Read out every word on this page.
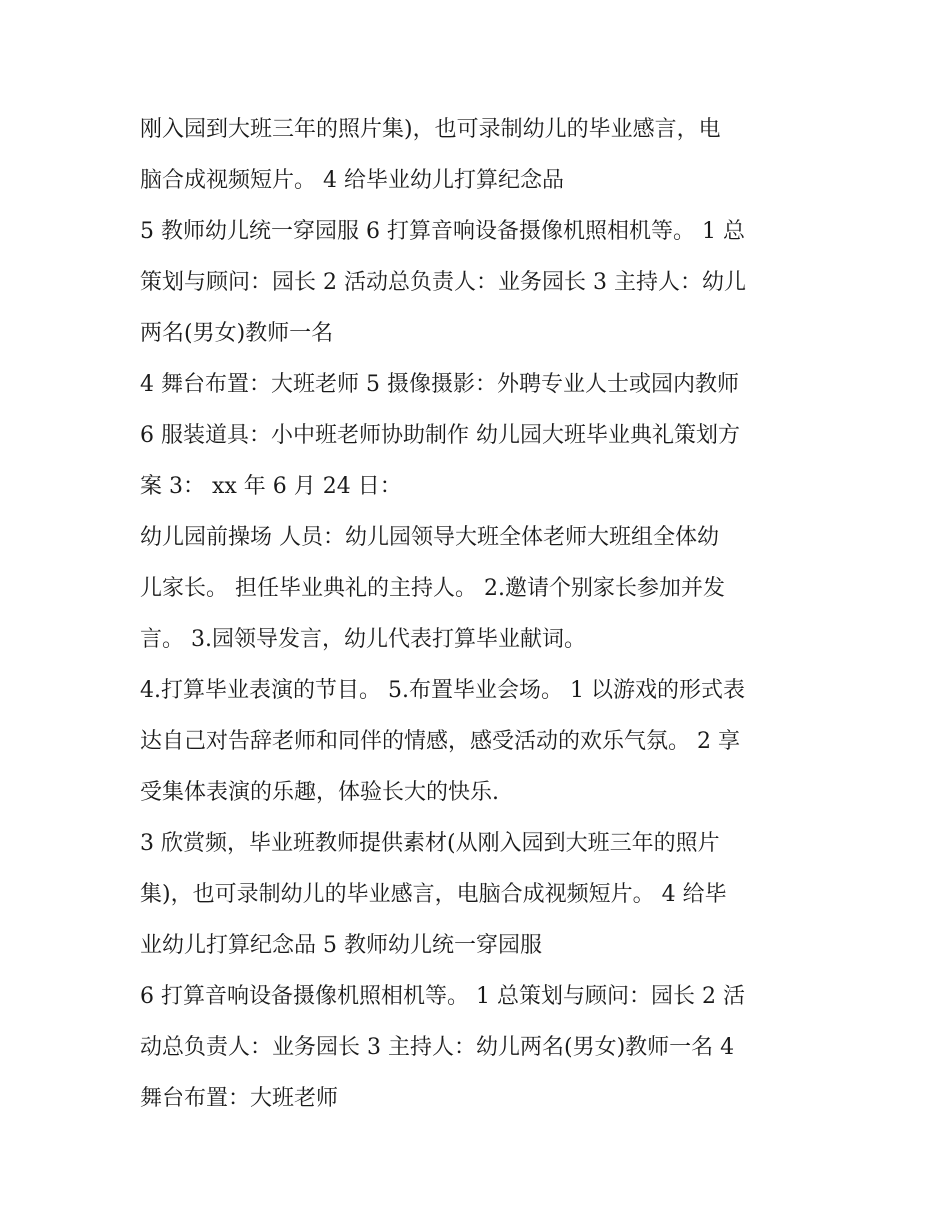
刚入园到大班三年的照片集)，也可录制幼儿的毕业感言，电
脑合成视频短片。 4 给毕业幼儿打算纪念品
5 教师幼儿统一穿园服 6 打算音响设备摄像机照相机等。 1 总
策划与顾问：园长 2 活动总负责人：业务园长 3 主持人：幼儿
两名(男女)教师一名
4 舞台布置：大班老师 5 摄像摄影：外聘专业人士或园内教师
6 服装道具：小中班老师协助制作 幼儿园大班毕业典礼策划方
案 3： xx 年 6 月 24 日：
幼儿园前操场 人员：幼儿园领导大班全体老师大班组全体幼
儿家长。 担任毕业典礼的主持人。 2.邀请个别家长参加并发
言。 3.园领导发言，幼儿代表打算毕业献词。
4.打算毕业表演的节目。 5.布置毕业会场。 1 以游戏的形式表
达自己对告辞老师和同伴的情感，感受活动的欢乐气氛。 2 享
受集体表演的乐趣，体验长大的快乐.
3 欣赏频，毕业班教师提供素材(从刚入园到大班三年的照片
集)，也可录制幼儿的毕业感言，电脑合成视频短片。 4 给毕
业幼儿打算纪念品 5 教师幼儿统一穿园服
6 打算音响设备摄像机照相机等。 1 总策划与顾问：园长 2 活
动总负责人：业务园长 3 主持人：幼儿两名(男女)教师一名 4
舞台布置：大班老师
